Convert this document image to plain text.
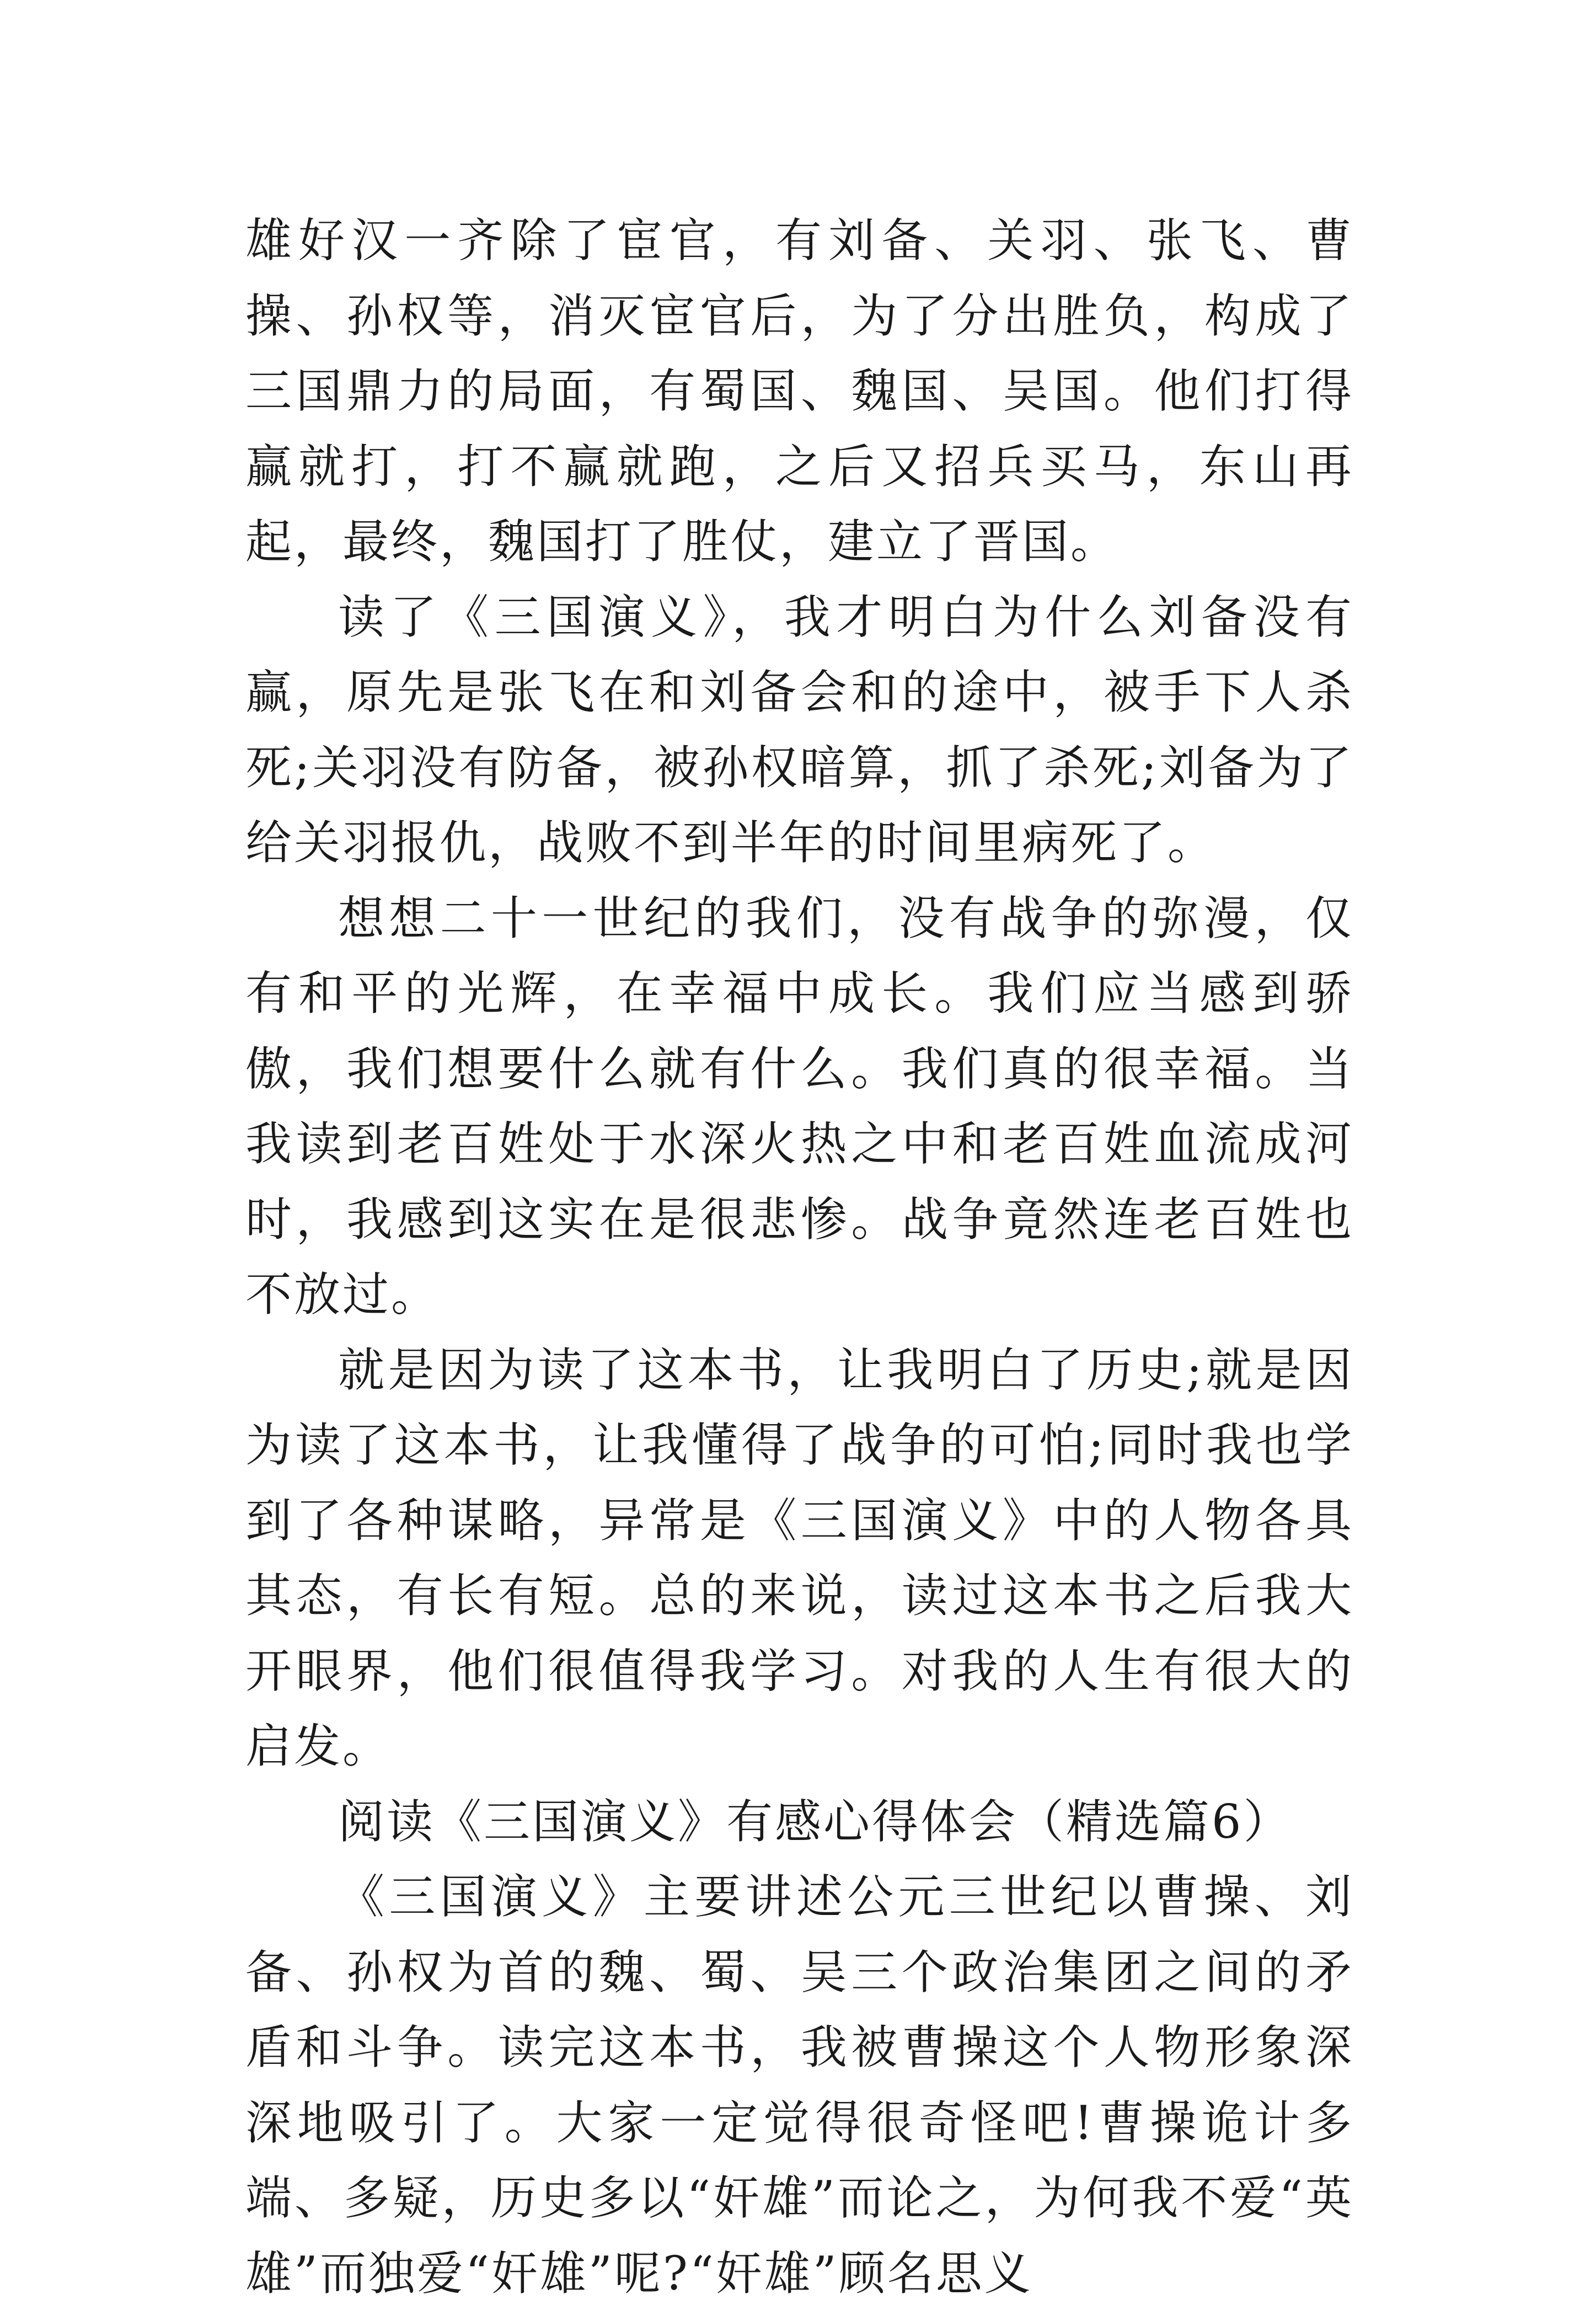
雄好汉一齐除了宦官，有刘备、关羽、张飞、曹操、孙权等，消灭宦官后，为了分出胜负，构成了三国鼎力的局面，有蜀国、魏国、吴国。他们打得赢就打，打不赢就跑，之后又招兵买马，东山再起，最终，魏国打了胜仗，建立了晋国。

读了《三国演义》，我才明白为什么刘备没有赢，原先是张飞在和刘备会和的途中，被手下人杀死;关羽没有防备，被孙权暗算，抓了杀死;刘备为了给关羽报仇，战败不到半年的时间里病死了。

想想二十一世纪的我们，没有战争的弥漫，仅有和平的光辉，在幸福中成长。我们应当感到骄傲，我们想要什么就有什么。我们真的很幸福。当我读到老百姓处于水深火热之中和老百姓血流成河时，我感到这实在是很悲惨。战争竟然连老百姓也不放过。

就是因为读了这本书，让我明白了历史;就是因为读了这本书，让我懂得了战争的可怕;同时我也学到了各种谋略，异常是《三国演义》中的人物各具其态，有长有短。总的来说，读过这本书之后我大开眼界，他们很值得我学习。对我的人生有很大的启发。

阅读《三国演义》有感心得体会（精选篇6）

《三国演义》主要讲述公元三世纪以曹操、刘备、孙权为首的魏、蜀、吴三个政治集团之间的矛盾和斗争。读完这本书，我被曹操这个人物形象深深地吸引了。大家一定觉得很奇怪吧!曹操诡计多端、多疑，历史多以“奸雄”而论之，为何我不爱“英雄”而独爱“奸雄”呢?“奸雄”顾名思义
